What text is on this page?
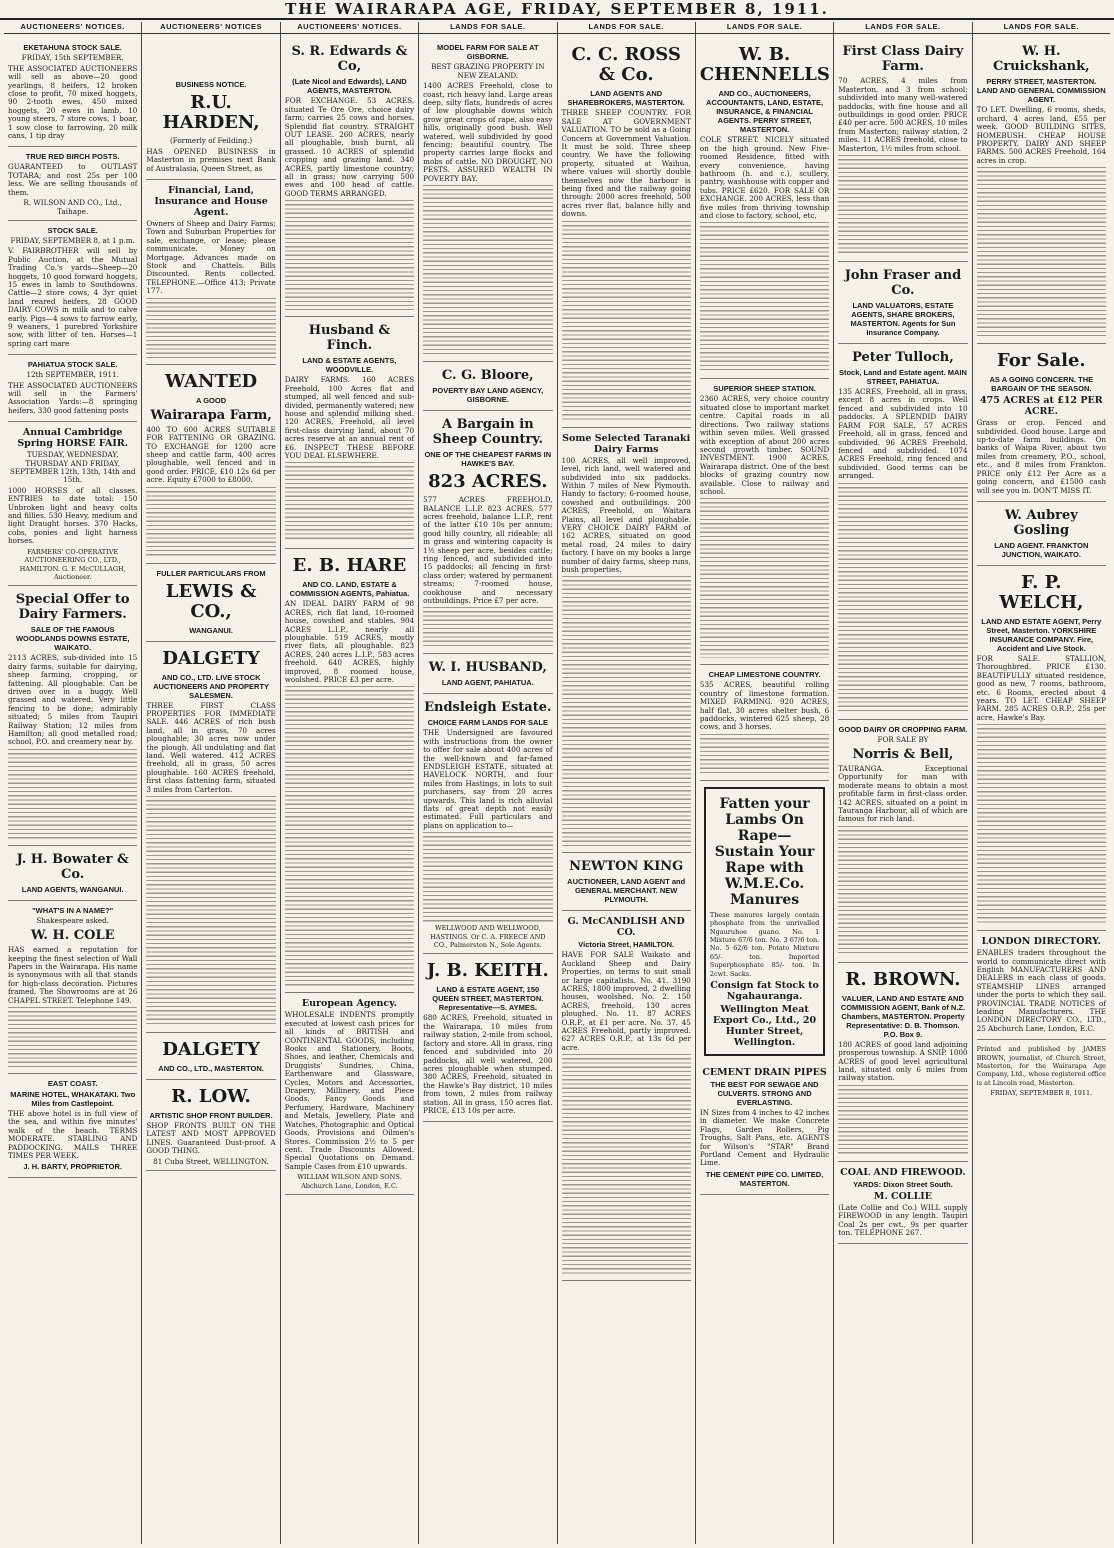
THE WAIRARAPA AGE, FRIDAY, SEPTEMBER 8, 1911.
AUCTIONEERS' NOTICES.
EKETAHUNA STOCK SALE.
FRIDAY, 15th SEPTEMBER.
THE ASSOCIATED AUCTIONEERS will sell as above—20 good yearlings, 8 heifers, 12 broken close to profit, 70 mixed hoggets, 90 2-tooth ewes, 450 mixed hoggets, 20 ewes in lamb, 10 young steers, 7 store cows, 1 boar, 1 sow close to farrowing, 20 milk cans, 1 tip dray
TRUE RED BIRCH POSTS.
GUARANTEED to OUTLAST TOTARA; and cost 25s per 100 less. We are selling thousands of them.
R. WILSON AND CO., Ltd., Taihape.
STOCK SALE.
FRIDAY, SEPTEMBER 8, at 1 p.m.
V. FAIRBROTHER will sell by Public Auction, at the Mutual Trading Co.'s yards—Sheep—20 hoggets, 10 good forward hoggets, 15 ewes in lamb to Southdowns. Cattle—2 store cows, 4 3yr quiet land reared heifers, 28 GOOD DAIRY COWS in milk and to calve early. Pigs—4 sows to farrow early, 9 weaners, 1 purebred Yorkshire sow, with litter of ten. Horses—1 spring cart mare
PAHIATUA STOCK SALE.
12th SEPTEMBER, 1911.
THE ASSOCIATED AUCTIONEERS will sell in the Farmers' Association Yards:—8 springing heifers, 330 good fattening posts
Annual Cambridge Spring HORSE FAIR.
TUESDAY, WEDNESDAY, THURSDAY AND FRIDAY, SEPTEMBER 12th, 13th, 14th and 15th.
1000 HORSES of all classes. ENTRIES to date total: 150 Unbroken light and heavy colts and fillies. 530 Heavy, medium and light Draught horses. 370 Hacks, cobs, ponies and light harness horses.
FARMERS' CO-OPERATIVE AUCTIONEERING CO., LTD., HAMILTON. G. F. McCULLAGH, Auctioneer.
Special Offer to Dairy Farmers.
SALE OF THE FAMOUS WOODLANDS DOWNS ESTATE, WAIKATO.
2113 ACRES, sub-divided into 15 dairy farms, suitable for dairying, sheep farming, cropping, or fattening. All ploughable. Can be driven over in a buggy. Well grassed and watered. Very little fencing to be done; admirably situated; 5 miles from Taupiri Railway Station; 12 miles from Hamilton; all good metalled road; school, P.O. and creamery near by.
J. H. Bowater & Co.
LAND AGENTS, WANGANUI.
"WHAT'S IN A NAME?"
Shakespeare asked.
W. H. COLE
HAS earned a reputation for keeping the finest selection of Wall Papers in the Wairarapa. His name is synonymous with all that stands for high-class decoration. Pictures framed. The Showrooms are at 26 CHAPEL STREET. Telephone 149.
EAST COAST.
MARINE HOTEL, WHAKATAKI. Two Miles from Castlepoint.
THE above hotel is in full view of the sea, and within five minutes' walk of the beach. TERMS MODERATE. STABLING AND PADDOCKING. MAILS THREE TIMES PER WEEK.
J. H. BARTY, PROPRIETOR.
AUCTIONEERS' NOTICES
BUSINESS NOTICE.
R.U. HARDEN,
(Formerly of Feilding.)
HAS OPENED BUSINESS in Masterton in premises next Bank of Australasia, Queen Street, as
Financial, Land, Insurance and House Agent.
Owners of Sheep and Dairy Farms; Town and Suburban Properties for sale, exchange, or lease; please communicate. Money on Mortgage. Advances made on Stock and Chattels. Bills Discounted. Rents collected. TELEPHONE.—Office 413; Private 177.
WANTED
A GOOD
Wairarapa Farm,
400 TO 600 ACRES SUITABLE FOR FATTENING OR GRAZING. TO EXCHANGE for 1200 acre sheep and cattle farm, 400 acres ploughable, well fenced and in good order. PRICE, £10 12s 6d per acre. Equity £7000 to £8000.
FULLER PARTICULARS FROM
LEWIS & CO.,
WANGANUI.
DALGETY
AND CO., LTD. LIVE STOCK AUCTIONEERS AND PROPERTY SALESMEN.
THREE FIRST CLASS PROPERTIES FOR IMMEDIATE SALE. 446 ACRES of rich bush land, all in grass, 70 acres ploughable; 30 acres now under the plough. All undulating and flat land. Well watered. 412 ACRES freehold, all in grass, 50 acres ploughable. 160 ACRES freehold, first class fattening farm, situated 3 miles from Carterton.
DALGETY
AND CO., LTD., MASTERTON.
R. LOW.
ARTISTIC SHOP FRONT BUILDER.
SHOP FRONTS BUILT ON THE LATEST AND MOST APPROVED LINES. Guaranteed Dust-proof. A GOOD THING.
81 Cuba Street, WELLINGTON.
AUCTIONEERS' NOTICES.
S. R. Edwards & Co,
(Late Nicol and Edwards), LAND AGENTS, MASTERTON.
FOR EXCHANGE. 53 ACRES, situated Te Ore Ore, choice dairy farm; carries 25 cows and horses. Splendid flat country. STRAIGHT OUT LEASE. 260 ACRES, nearly all ploughable, bush burnt, all grassed. 10 ACRES of splendid cropping and grazing land. 340 ACRES, partly limestone country; all in grass; now carrying 500 ewes and 100 head of cattle. GOOD TERMS ARRANGED.
Husband & Finch.
LAND & ESTATE AGENTS, WOODVILLE.
DAIRY FARMS. 160 ACRES Freehold, 100 Acres flat and stumped, all well fenced and sub-divided, permanently watered; new house and splendid milking shed. 120 ACRES, Freehold, all level first-class dairying land, about 70 acres reserve at an annual rent of £6. INSPECT THESE BEFORE YOU DEAL ELSEWHERE.
E. B. HARE
AND CO. LAND, ESTATE & COMMISSION AGENTS, Pahiatua.
AN IDEAL DAIRY FARM of 98 ACRES, rich flat land, 10-roomed house, cowshed and stables. 904 ACRES L.I.P., nearly all ploughable. 519 ACRES, mostly river flats, all ploughable. 823 ACRES, 240 acres L.I.P., 583 acres freehold. 640 ACRES, highly improved, 8 roomed house, woolshed. PRICE £3 per acre.
European Agency.
WHOLESALE INDENTS promptly executed at lowest cash prices for all kinds of BRITISH and CONTINENTAL GOODS, including Books and Stationery, Boots, Shoes, and leather, Chemicals and Druggists' Sundries, China, Earthenware and Glassware, Cycles, Motors and Accessories, Drapery, Millinery, and Piece Goods, Fancy Goods and Perfumery, Hardware, Machinery and Metals, Jewellery, Plate and Watches, Photographic and Optical Goods, Provisions and Oilmen's Stores. Commission 2½ to 5 per cent. Trade Discounts Allowed. Special Quotations on Demand. Sample Cases from £10 upwards.
WILLIAM WILSON AND SONS. Abchurch Lane, London, E.C.
LANDS FOR SALE.
MODEL FARM FOR SALE AT GISBORNE.
BEST GRAZING PROPERTY IN NEW ZEALAND.
1400 ACRES Freehold, close to coast, rich heavy land. Large areas deep, silty flats, hundreds of acres of low ploughable downs which grow great crops of rape, also easy hills, originally good bush. Well watered, well subdivided by good fencing; beautiful country. The property carries large flocks and mobs of cattle. NO DROUGHT, NO PESTS. ASSURED WEALTH IN POVERTY BAY.
C. G. Bloore,
POVERTY BAY LAND AGENCY, GISBORNE.
A Bargain in Sheep Country.
ONE OF THE CHEAPEST FARMS IN HAWKE'S BAY.
823 ACRES.
577 ACRES FREEHOLD, BALANCE L.I.P. 823 ACRES, 577 acres freehold, balance L.I.P., rent of the latter £10 10s per annum; good hilly country, all rideable; all in grass and wintering capacity is 1½ sheep per acre, besides cattle; ring fenced, and subdivided into 15 paddocks; all fencing in first-class order; watered by permanent streams; 7-roomed house, cookhouse and necessary outbuildings. Price £7 per acre.
W. I. HUSBAND,
LAND AGENT, PAHIATUA.
Endsleigh Estate.
CHOICE FARM LANDS FOR SALE
THE Undersigned are favoured with instructions from the owner to offer for sale about 400 acres of the well-known and far-famed ENDSLEIGH ESTATE, situated at HAVELOCK NORTH, and four miles from Hastings, in lots to suit purchasers, say from 20 acres upwards. This land is rich alluvial flats of great depth not easily estimated. Full particulars and plans on application to—
WELLWOOD AND WELLWOOD, HASTINGS. Or C. A. FREECE AND CO., Palmerston N., Sole Agents.
J. B. KEITH.
LAND & ESTATE AGENT, 150 QUEEN STREET, MASTERTON. Representative—S. AYMES.
680 ACRES, Freehold, situated in the Wairarapa, 10 miles from railway station, 2-mile from school, factory and store. All in grass, ring fenced and subdivided into 20 paddocks, all well watered, 200 acres ploughable when stumped. 380 ACRES, Freehold, situated in the Hawke's Bay district, 10 miles from town, 2 miles from railway station. All in grass, 150 acres flat. PRICE, £13 10s per acre.
LANDS FOR SALE.
C. C. ROSS & Co.
LAND AGENTS AND SHAREBROKERS, MASTERTON.
THREE SHEEP COUNTRY. FOR SALE AT GOVERNMENT VALUATION. TO be sold as a Going Concern at Government Valuation. It must be sold. Three sheep country. We have the following property, situated at Waihua, where values will shortly double themselves now the harbour is being fixed and the railway going through: 2000 acres freehold, 500 acres river flat, balance hilly and downs.
Some Selected Taranaki Dairy Farms
100 ACRES, all well improved, level, rich land, well watered and subdivided into six paddocks. Within 7 miles of New Plymouth. Handy to factory; 6-roomed house, cowshed and outbuildings. 200 ACRES, Freehold, on Waitara Plains, all level and ploughable. VERY CHOICE DAIRY FARM of 162 ACRES, situated on good metal road, 24 miles to dairy factory. I have on my books a large number of dairy farms, sheep runs, bush properties.
NEWTON KING
AUCTIONEER, LAND AGENT and GENERAL MERCHANT. NEW PLYMOUTH.
G. McCANDLISH AND CO.
Victoria Street, HAMILTON.
HAVE FOR SALE Waikato and Auckland Sheep and Dairy Properties, on terms to suit small or large capitalists. No. 41. 3190 ACRES, 1800 improved, 2 dwelling houses, woolshed. No. 2. 150 ACRES, freehold, 130 acres ploughed. No. 11. 87 ACRES O.R.P., at £1 per acre. No. 37. 45 ACRES Freehold, partly improved. 627 ACRES O.R.P., at 13s 6d per acre.
LANDS FOR SALE.
W. B. CHENNELLS
AND CO., AUCTIONEERS, ACCOUNTANTS, LAND, ESTATE, INSURANCE, & FINANCIAL AGENTS. PERRY STREET, MASTERTON.
COLE STREET. NICELY situated on the high ground. New Five-roomed Residence, fitted with every convenience, having bathroom (h. and c.), scullery, pantry, washhouse with copper and tubs. PRICE £620. FOR SALE OR EXCHANGE. 200 ACRES, less than five miles from thriving township and close to factory, school, etc.
SUPERIOR SHEEP STATION.
2360 ACRES, very choice country situated close to important market centre. Capital roads in all directions. Two railway stations within seven miles. Well grassed with exception of about 200 acres second growth timber. SOUND INVESTMENT. 1900 ACRES, Wairarapa district. One of the best blocks of grazing country now available. Close to railway and school.
CHEAP LIMESTONE COUNTRY.
535 ACRES, beautiful rolling country of limestone formation. MIXED FARMING. 920 ACRES, half flat, 30 acres shelter bush, 6 paddocks, wintered 625 sheep, 28 cows, and 3 horses.
Fatten your Lambs On Rape—Sustain Your Rape with W.M.E.Co. Manures
These manures largely contain phosphate from the unrivalled Ngauruhoe guano. No. 1 Mixture 67/6 ton. No. 3 67/6 ton. No. 5 62/6 ton. Potato Mixture 65/- ton. Imported Superphosphate 85/- ton. In 2cwt. Sacks.
Consign fat Stock to Ngahauranga.
Wellington Meat Export Co., Ltd., 20 Hunter Street, Wellington.
CEMENT DRAIN PIPES
THE BEST FOR SEWAGE AND CULVERTS. STRONG AND EVERLASTING.
IN Sizes from 4 inches to 42 inches in diameter. We make Concrete Flags, Garden Rollers, Pig Troughs, Salt Pans, etc. AGENTS for Wilson's "STAR" Brand Portland Cement and Hydraulic Lime.
THE CEMENT PIPE CO. LIMITED, MASTERTON.
LANDS FOR SALE.
First Class Dairy Farm.
70 ACRES, 4 miles from Masterton, and 3 from school; subdivided into many well-watered paddocks, with fine house and all outbuildings in good order. PRICE £40 per acre. 500 ACRES, 10 miles from Masterton; railway station, 2 miles. 11 ACRES freehold, close to Masterton, 1½ miles from school.
John Fraser and Co.
LAND VALUATORS, ESTATE AGENTS, SHARE BROKERS, MASTERTON. Agents for Sun Insurance Company.
Peter Tulloch,
Stock, Land and Estate agent. MAIN STREET, PAHIATUA.
135 ACRES, Freehold, all in grass, except 8 acres in crops. Well fenced and subdivided into 10 paddocks. A SPLENDID DAIRY FARM FOR SALE. 57 ACRES Freehold, all in grass, fenced and subdivided. 96 ACRES Freehold, fenced and subdivided. 1074 ACRES Freehold, ring fenced and subdivided. Good terms can be arranged.
GOOD DAIRY OR CROPPING FARM.
FOR SALE BY
Norris & Bell,
TAURANGA. Exceptional Opportunity for man with moderate means to obtain a most profitable farm in first-class order. 142 ACRES, situated on a point in Tauranga Harbour, all of which are famous for rich land.
R. BROWN.
VALUER, LAND AND ESTATE AND COMMISSION AGENT, Bank of N.Z. Chambers, MASTERTON. Property Representative: D. B. Thomson. P.O. Box 9.
180 ACRES of good land adjoining prosperous township. A SNIP. 1000 ACRES of good level agricultural land, situated only 6 miles from railway station.
COAL AND FIREWOOD.
YARDS: Dixon Street South.
M. COLLIE
(Late Collie and Co.) WILL supply FIREWOOD in any length. Taupiri Coal 2s per cwt., 9s per quarter ton. TELEPHONE 267.
LANDS FOR SALE.
W. H. Cruickshank,
PERRY STREET, MASTERTON. LAND AND GENERAL COMMISSION AGENT.
TO LET. Dwelling, 6 rooms, sheds, orchard, 4 acres land, £55 per week. GOOD BUILDING SITES, HOMEBUSH. CHEAP HOUSE PROPERTY. DAIRY AND SHEEP FARMS. 500 ACRES Freehold, 164 acres in crop.
For Sale.
AS A GOING CONCERN. THE BARGAIN OF THE SEASON.
475 ACRES at £12 PER ACRE.
Grass or crop. Fenced and subdivided. Good house. Large and up-to-date farm buildings. On banks of Waipa River, about two miles from creamery, P.O., school, etc., and 8 miles from Frankton. PRICE only £12 Per Acre as a going concern, and £1500 cash will see you in. DON'T MISS IT.
W. Aubrey Gosling
LAND AGENT. FRANKTON JUNCTION, WAIKATO.
F. P. WELCH,
LAND AND ESTATE AGENT, Perry Street, Masterton. YORKSHIRE INSURANCE COMPANY. Fire, Accident and Live Stock.
FOR SALE. STALLION, Thoroughbred. PRICE £130. BEAUTIFULLY situated residence, good as new, 7 rooms, bathroom, etc. 6 Rooms, erected about 4 years. TO LET. CHEAP SHEEP FARM. 285 ACRES O.R.P., 25s per acre, Hawke's Bay.
LONDON DIRECTORY.
ENABLES traders throughout the world to communicate direct with English MANUFACTURERS AND DEALERS in each class of goods. STEAMSHIP LINES arranged under the ports to which they sail. PROVINCIAL TRADE NOTICES of leading Manufacturers. THE LONDON DIRECTORY CO., LTD., 25 Abchurch Lane, London, E.C.
Printed and published by JAMES BROWN, journalist, of Church Street, Masterton, for the Wairarapa Age Company, Ltd., whose registered office is at Lincoln road, Masterton.
FRIDAY, SEPTEMBER 8, 1911.
